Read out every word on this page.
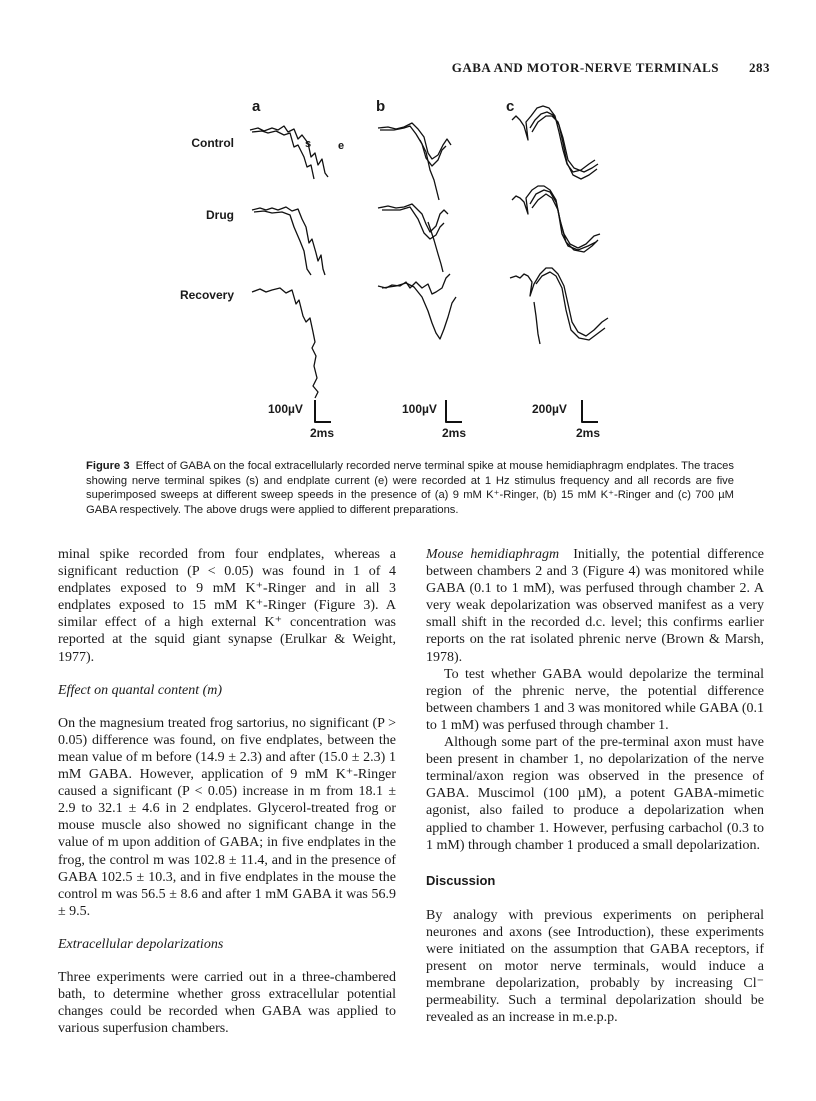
GABA AND MOTOR-NERVE TERMINALS 283
a	b	c
s e
Control
Drug
Recovery
100µV
2ms
100µV
2ms
200µV
2ms
Figure 3 Effect of GABA on the focal extracellularly recorded nerve terminal spike at mouse hemidiaphragm endplates. The traces showing nerve terminal spikes (s) and endplate current (e) were recorded at 1 Hz stimulus frequency and all records are five superimposed sweeps at different sweep speeds in the presence of (a) 9 mM K⁺-Ringer, (b) 15 mM K⁺-Ringer and (c) 700 µM GABA respectively. The above drugs were applied to different preparations.

minal spike recorded from four endplates, whereas a significant reduction (P < 0.05) was found in 1 of 4 endplates exposed to 9 mM K⁺-Ringer and in all 3 endplates exposed to 15 mM K⁺-Ringer (Figure 3). A similar effect of a high external K⁺ concentration was reported at the squid giant synapse (Erulkar & Weight, 1977).

Effect on quantal content (m)

On the magnesium treated frog sartorius, no significant (P > 0.05) difference was found, on five endplates, between the mean value of m before (14.9 ± 2.3) and after (15.0 ± 2.3) 1 mM GABA. However, application of 9 mM K⁺-Ringer caused a significant (P < 0.05) increase in m from 18.1 ± 2.9 to 32.1 ± 4.6 in 2 endplates. Glycerol-treated frog or mouse muscle also showed no significant change in the value of m upon addition of GABA; in five endplates in the frog, the control m was 102.8 ± 11.4, and in the presence of GABA 102.5 ± 10.3, and in five endplates in the mouse the control m was 56.5 ± 8.6 and after 1 mM GABA it was 56.9 ± 9.5.

Extracellular depolarizations

Three experiments were carried out in a three-chambered bath, to determine whether gross extracellular potential changes could be recorded when GABA was applied to various superfusion chambers.

Mouse hemidiaphragm Initially, the potential difference between chambers 2 and 3 (Figure 4) was monitored while GABA (0.1 to 1 mM), was perfused through chamber 2. A very weak depolarization was observed manifest as a very small shift in the recorded d.c. level; this confirms earlier reports on the rat isolated phrenic nerve (Brown & Marsh, 1978).

To test whether GABA would depolarize the terminal region of the phrenic nerve, the potential difference between chambers 1 and 3 was monitored while GABA (0.1 to 1 mM) was perfused through chamber 1.

Although some part of the pre-terminal axon must have been present in chamber 1, no depolarization of the nerve terminal/axon region was observed in the presence of GABA. Muscimol (100 µM), a potent GABA-mimetic agonist, also failed to produce a depolarization when applied to chamber 1. However, perfusing carbachol (0.3 to 1 mM) through chamber 1 produced a small depolarization.

Discussion

By analogy with previous experiments on peripheral neurones and axons (see Introduction), these experiments were initiated on the assumption that GABA receptors, if present on motor nerve terminals, would induce a membrane depolarization, probably by increasing Cl⁻ permeability. Such a terminal depolarization should be revealed as an increase in m.e.p.p.
